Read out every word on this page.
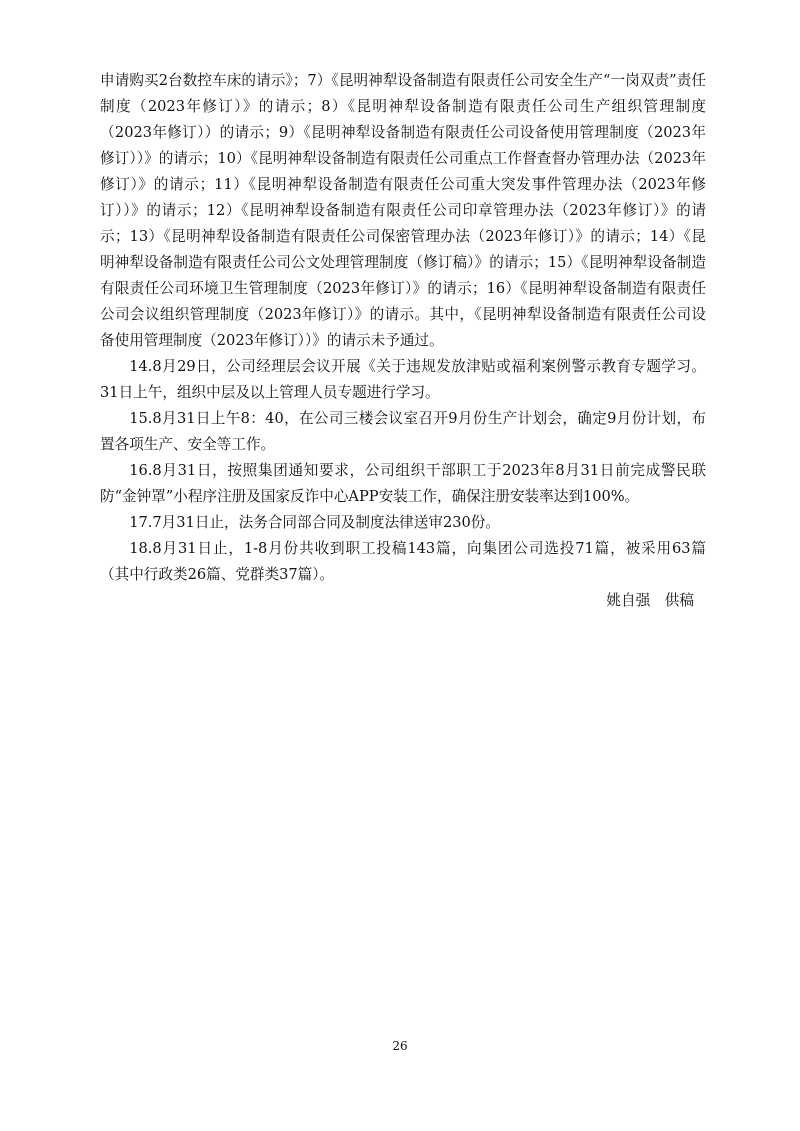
申请购买2台数控车床的请示》；7）《昆明神犁设备制造有限责任公司安全生产“一岗双责”责任制度（2023年修订）》的请示；8）《昆明神犁设备制造有限责任公司生产组织管理制度（2023年修订））的请示；9）《昆明神犁设备制造有限责任公司设备使用管理制度（2023年修订））》的请示；10）《昆明神犁设备制造有限责任公司重点工作督查督办管理办法（2023年修订）》的请示；11）《昆明神犁设备制造有限责任公司重大突发事件管理办法（2023年修订））》的请示；12）《昆明神犁设备制造有限责任公司印章管理办法（2023年修订）》的请示；13）《昆明神犁设备制造有限责任公司保密管理办法（2023年修订）》的请示；14）《昆明神犁设备制造有限责任公司公文处理管理制度（修订稿）》的请示；15）《昆明神犁设备制造有限责任公司环境卫生管理制度（2023年修订）》的请示；16）《昆明神犁设备制造有限责任公司会议组织管理制度（2023年修订）》的请示。其中，《昆明神犁设备制造有限责任公司设备使用管理制度（2023年修订））》的请示未予通过。

14.8月29日，公司经理层会议开展《关于违规发放津贴或福利案例警示教育专题学习。31日上午，组织中层及以上管理人员专题进行学习。

15.8月31日上午8：40，在公司三楼会议室召开9月份生产计划会，确定9月份计划，布置各项生产、安全等工作。

16.8月31日，按照集团通知要求，公司组织干部职工于2023年8月31日前完成警民联防“金钟罩”小程序注册及国家反诈中心APP安装工作，确保注册安装率达到100%。

17.7月31日止，法务合同部合同及制度法律送审230份。

18.8月31日止，1-8月份共收到职工投稿143篇，向集团公司选投71篇，被采用63篇（其中行政类26篇、党群类37篇）。

姚自强　供稿

26
